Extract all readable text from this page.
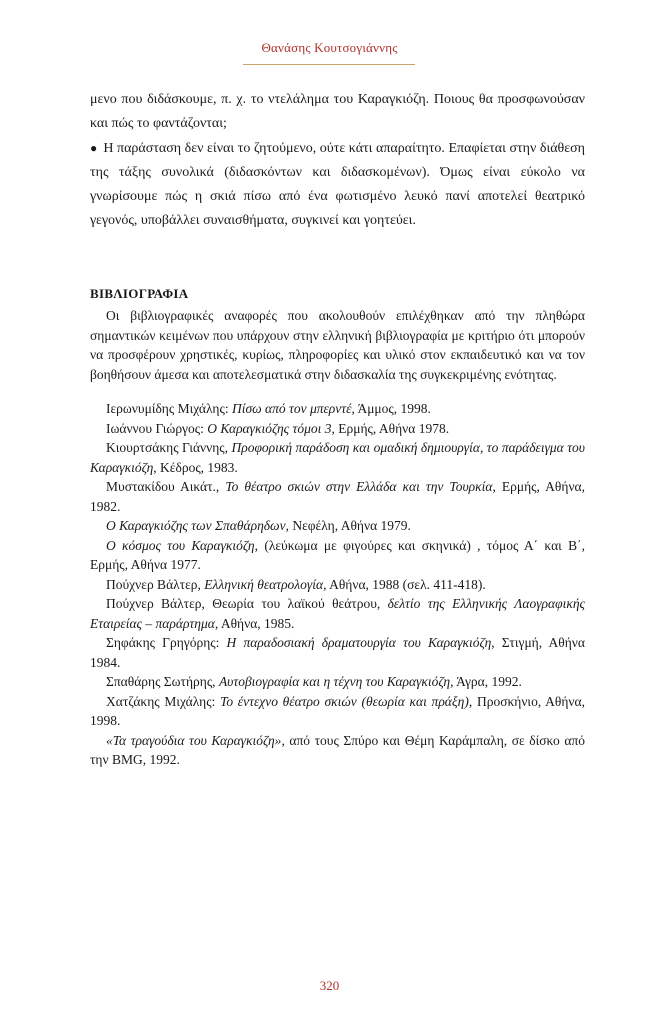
Θανάσης Κουτσογιάννης

μενο που διδάσκουμε, π. χ. το ντελάλημα του Καραγκιόζη. Ποιους θα προσφωνούσαν και πώς το φαντάζονται;

● Η παράσταση δεν είναι το ζητούμενο, ούτε κάτι απαραίτητο. Επαφίεται στην διάθεση της τάξης συνολικά (διδασκόντων και διδασκομένων). Όμως είναι εύκολο να γνωρίσουμε πώς η σκιά πίσω από ένα φωτισμένο λευκό πανί αποτελεί θεατρικό γεγονός, υποβάλλει συναισθήματα, συγκινεί και γοητεύει.

ΒΙΒΛΙΟΓΡΑΦΙΑ

Οι βιβλιογραφικές αναφορές που ακολουθούν επιλέχθηκαν από την πληθώρα σημαντικών κειμένων που υπάρχουν στην ελληνική βιβλιογραφία με κριτήριο ότι μπορούν να προσφέρουν χρηστικές, κυρίως, πληροφορίες και υλικό στον εκπαιδευτικό και να τον βοηθήσουν άμεσα και αποτελεσματικά στην διδασκαλία της συγκεκριμένης ενότητας.

Ιερωνυμίδης Μιχάλης: Πίσω από τον μπερντέ, Άμμος, 1998.

Ιωάννου Γιώργος: Ο Καραγκιόζης τόμοι 3, Ερμής, Αθήνα 1978.

Κιουρτσάκης Γιάννης, Προφορική παράδοση και ομαδική δημιουργία, το παράδειγμα του Καραγκιόζη, Κέδρος, 1983.

Μυστακίδου Αικάτ., Το θέατρο σκιών στην Ελλάδα και την Τουρκία, Ερμής, Αθήνα, 1982.

Ο Καραγκιόζης των Σπαθάρηδων, Νεφέλη, Αθήνα 1979.

Ο κόσμος του Καραγκιόζη, (λεύκωμα με φιγούρες και σκηνικά) , τόμος Α΄ και Β΄, Ερμής, Αθήνα 1977.

Πούχνερ Βάλτερ, Ελληνική θεατρολογία, Αθήνα, 1988 (σελ. 411-418).

Πούχνερ Βάλτερ, Θεωρία του λαϊκού θεάτρου, δελτίο της Ελληνικής Λαογραφικής Εταιρείας – παράρτημα, Αθήνα, 1985.

Σηφάκης Γρηγόρης: Η παραδοσιακή δραματουργία του Καραγκιόζη, Στιγμή, Αθήνα 1984.

Σπαθάρης Σωτήρης, Αυτοβιογραφία και η τέχνη του Καραγκιόζη, Άγρα, 1992.

Χατζάκης Μιχάλης: Το έντεχνο θέατρο σκιών (θεωρία και πράξη), Προσκήνιο, Αθήνα, 1998.

«Τα τραγούδια του Καραγκιόζη», από τους Σπύρο και Θέμη Καράμπαλη, σε δίσκο από την BMG, 1992.

320
